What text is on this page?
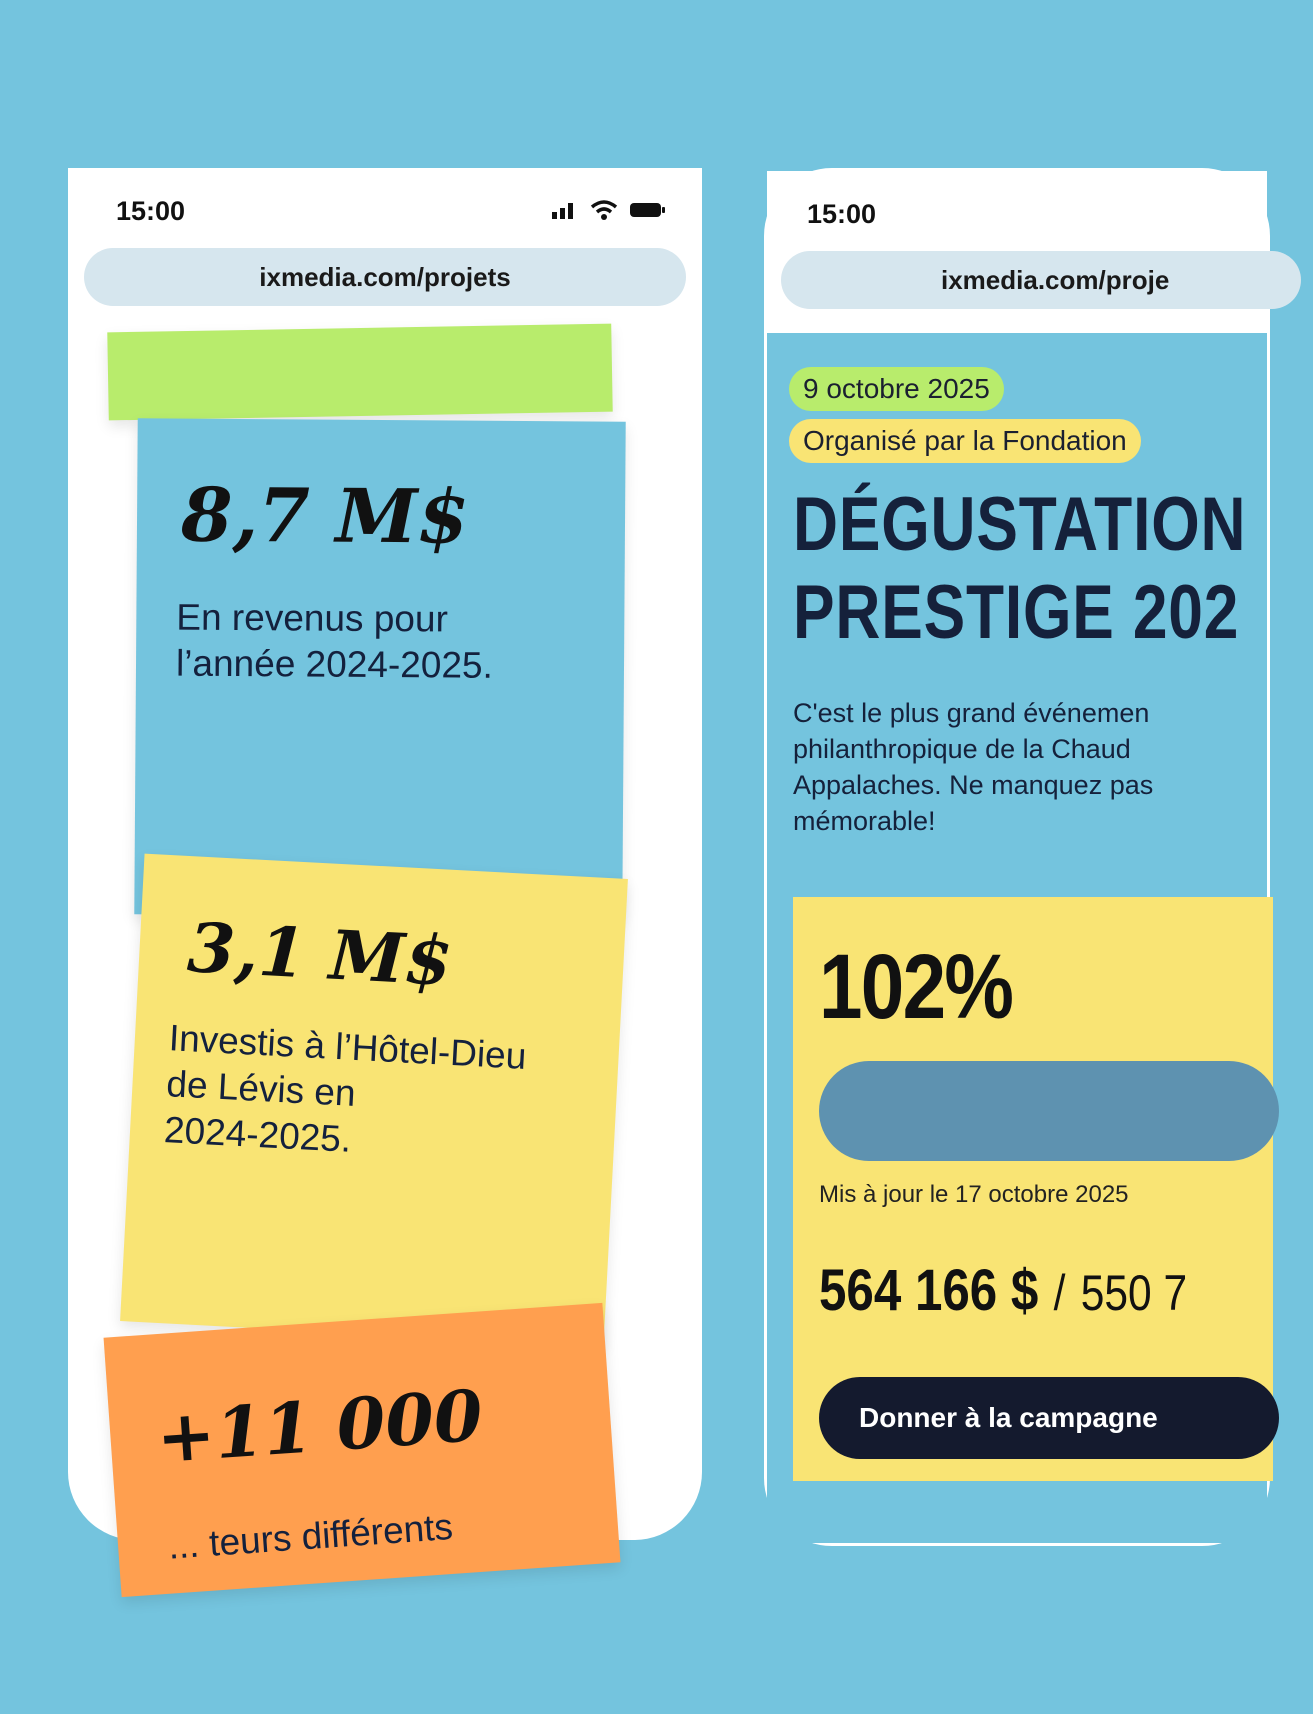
15:00
ixmedia.com/projets
8,7 M$
En revenus pour
l’année 2024-2025.
3,1 M$
Investis à l’Hôtel-Dieu
de Lévis en
2024-2025.
+11 000
... teurs différents
15:00
ixmedia.com/proje
9 octobre 2025
Organisé par la Fondation
DÉGUSTATION
PRESTIGE 202
C'est le plus grand événemen
philanthropique de la Chaud
Appalaches. Ne manquez pas
mémorable!
102%
Mis à jour le 17 octobre 2025
564 166 $ / 550 7
Donner à la campagne
